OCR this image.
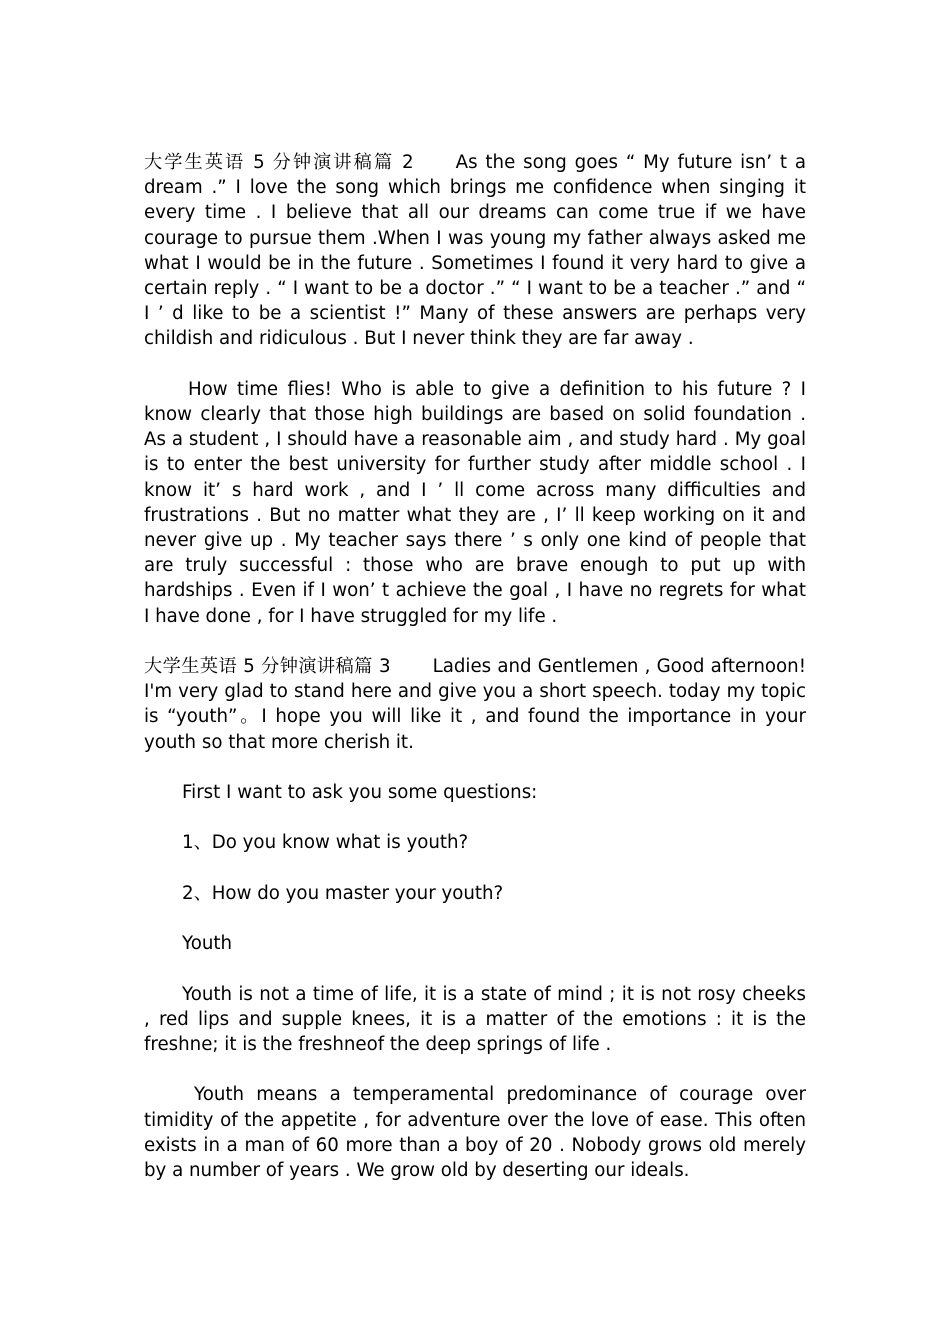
大学生英语 5 分钟演讲稿篇 2 As the song goes “ My future isn’ t a dream .” I love the song which brings me confidence when singing it every time . I believe that all our dreams can come true if we have courage to pursue them .When I was young my father always asked me what I would be in the future . Sometimes I found it very hard to give a certain reply . “ I want to be a doctor .” “ I want to be a teacher .” and “ I ’ d like to be a scientist !” Many of these answers are perhaps very childish and ridiculous . But I never think they are far away .

How time flies! Who is able to give a definition to his future ? I know clearly that those high buildings are based on solid foundation . As a student , I should have a reasonable aim , and study hard . My goal is to enter the best university for further study after middle school . I know it’ s hard work , and I ’ ll come across many difficulties and frustrations . But no matter what they are , I’ ll keep working on it and never give up . My teacher says there ’ s only one kind of people that are truly successful : those who are brave enough to put up with hardships . Even if I won’ t achieve the goal , I have no regrets for what I have done , for I have struggled for my life .

大学生英语 5 分钟演讲稿篇 3 Ladies and Gentlemen , Good afternoon! I'm very glad to stand here and give you a short speech. today my topic is “youth”。I hope you will like it , and found the importance in your youth so that more cherish it.

First I want to ask you some questions:

1、Do you know what is youth?

2、How do you master your youth?

Youth

Youth is not a time of life, it is a state of mind ; it is not rosy cheeks , red lips and supple knees, it is a matter of the emotions : it is the freshne; it is the freshneof the deep springs of life .

Youth means a temperamental predominance of courage over timidity of the appetite , for adventure over the love of ease. This often exists in a man of 60 more than a boy of 20 . Nobody grows old merely by a number of years . We grow old by deserting our ideals.
